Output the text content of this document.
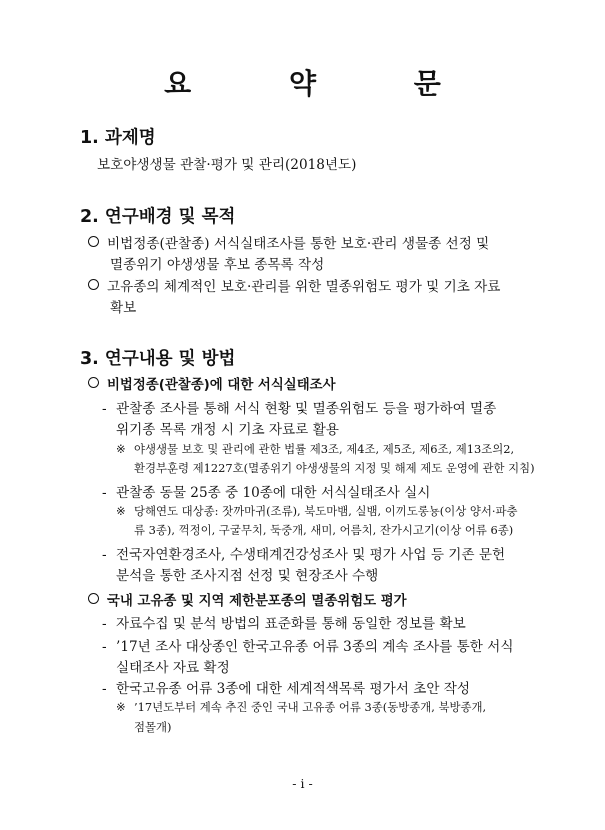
요 약 문
1. 과제명
보호야생생물 관찰·평가 및 관리(2018년도)
2. 연구배경 및 목적
비법정종(관찰종) 서식실태조사를 통한 보호·관리 생물종 선정 및
멸종위기 야생생물 후보 종목록 작성
고유종의 체계적인 보호·관리를 위한 멸종위험도 평가 및 기초 자료
확보
3. 연구내용 및 방법
비법정종(관찰종)에 대한 서식실태조사
- 관찰종 조사를 통해 서식 현황 및 멸종위험도 등을 평가하여 멸종
위기종 목록 개정 시 기초 자료로 활용
※ 야생생물 보호 및 관리에 관한 법률 제3조, 제4조, 제5조, 제6조, 제13조의2,
환경부훈령 제1227호(멸종위기 야생생물의 지정 및 해제 제도 운영에 관한 지침)
- 관찰종 동물 25종 중 10종에 대한 서식실태조사 실시
※ 당해연도 대상종: 잣까마귀(조류), 북도마뱀, 실뱀, 이끼도롱뇽(이상 양서·파충
류 3종), 꺽정이, 구굴무치, 둑중개, 새미, 어름치, 잔가시고기(이상 어류 6종)
- 전국자연환경조사, 수생태계건강성조사 및 평가 사업 등 기존 문헌
분석을 통한 조사지점 선정 및 현장조사 수행
국내 고유종 및 지역 제한분포종의 멸종위험도 평가
- 자료수집 및 분석 방법의 표준화를 통해 동일한 정보를 확보
- ’17년 조사 대상종인 한국고유종 어류 3종의 계속 조사를 통한 서식
실태조사 자료 확정
- 한국고유종 어류 3종에 대한 세계적색목록 평가서 초안 작성
※ ’17년도부터 계속 추진 중인 국내 고유종 어류 3종(동방종개, 북방종개,
점몰개)
- i -
